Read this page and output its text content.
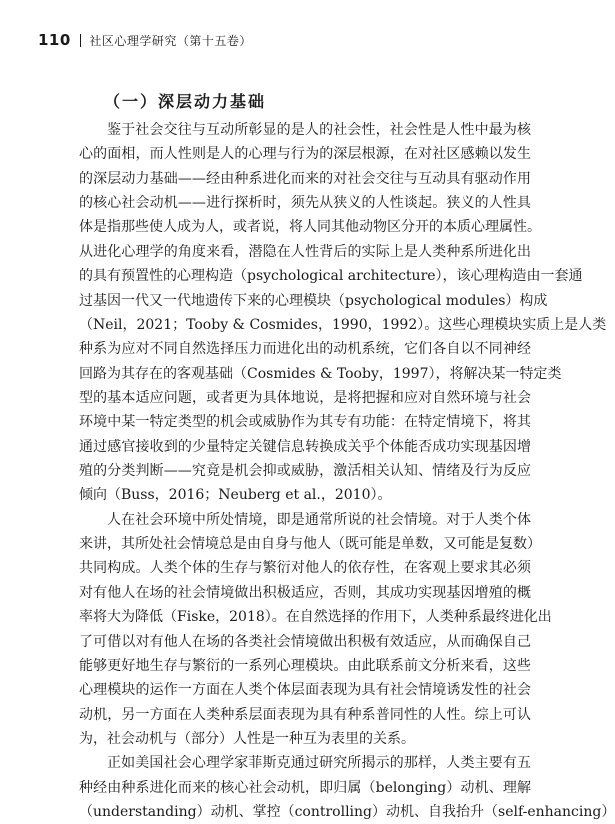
110 社区心理学研究（第十五卷）
（一）深层动力基础
鉴于社会交往与互动所彰显的是人的社会性，社会性是人性中最为核
心的面相，而人性则是人的心理与行为的深层根源，在对社区感赖以发生
的深层动力基础——经由种系进化而来的对社会交往与互动具有驱动作用
的核心社会动机——进行探析时，须先从狭义的人性谈起。狭义的人性具
体是指那些使人成为人，或者说，将人同其他动物区分开的本质心理属性。
从进化心理学的角度来看，潜隐在人性背后的实际上是人类种系所进化出
的具有预置性的心理构造（psychological architecture），该心理构造由一套通
过基因一代又一代地遗传下来的心理模块（psychological modules）构成
（Neil，2021；Tooby & Cosmides，1990，1992）。这些心理模块实质上是人类
种系为应对不同自然选择压力而进化出的动机系统，它们各自以不同神经
回路为其存在的客观基础（Cosmides & Tooby，1997），将解决某一特定类
型的基本适应问题，或者更为具体地说，是将把握和应对自然环境与社会
环境中某一特定类型的机会或威胁作为其专有功能：在特定情境下，将其
通过感官接收到的少量特定关键信息转换成关乎个体能否成功实现基因增
殖的分类判断——究竟是机会抑或威胁，激活相关认知、情绪及行为反应
倾向（Buss，2016；Neuberg et al.，2010）。
人在社会环境中所处情境，即是通常所说的社会情境。对于人类个体
来讲，其所处社会情境总是由自身与他人（既可能是单数，又可能是复数）
共同构成。人类个体的生存与繁衍对他人的依存性，在客观上要求其必须
对有他人在场的社会情境做出积极适应，否则，其成功实现基因增殖的概
率将大为降低（Fiske，2018）。在自然选择的作用下，人类种系最终进化出
了可借以对有他人在场的各类社会情境做出积极有效适应，从而确保自己
能够更好地生存与繁衍的一系列心理模块。由此联系前文分析来看，这些
心理模块的运作一方面在人类个体层面表现为具有社会情境诱发性的社会
动机，另一方面在人类种系层面表现为具有种系普同性的人性。综上可认
为，社会动机与（部分）人性是一种互为表里的关系。
正如美国社会心理学家菲斯克通过研究所揭示的那样，人类主要有五
种经由种系进化而来的核心社会动机，即归属（belonging）动机、理解
（understanding）动机、掌控（controlling）动机、自我抬升（self-enhancing）
